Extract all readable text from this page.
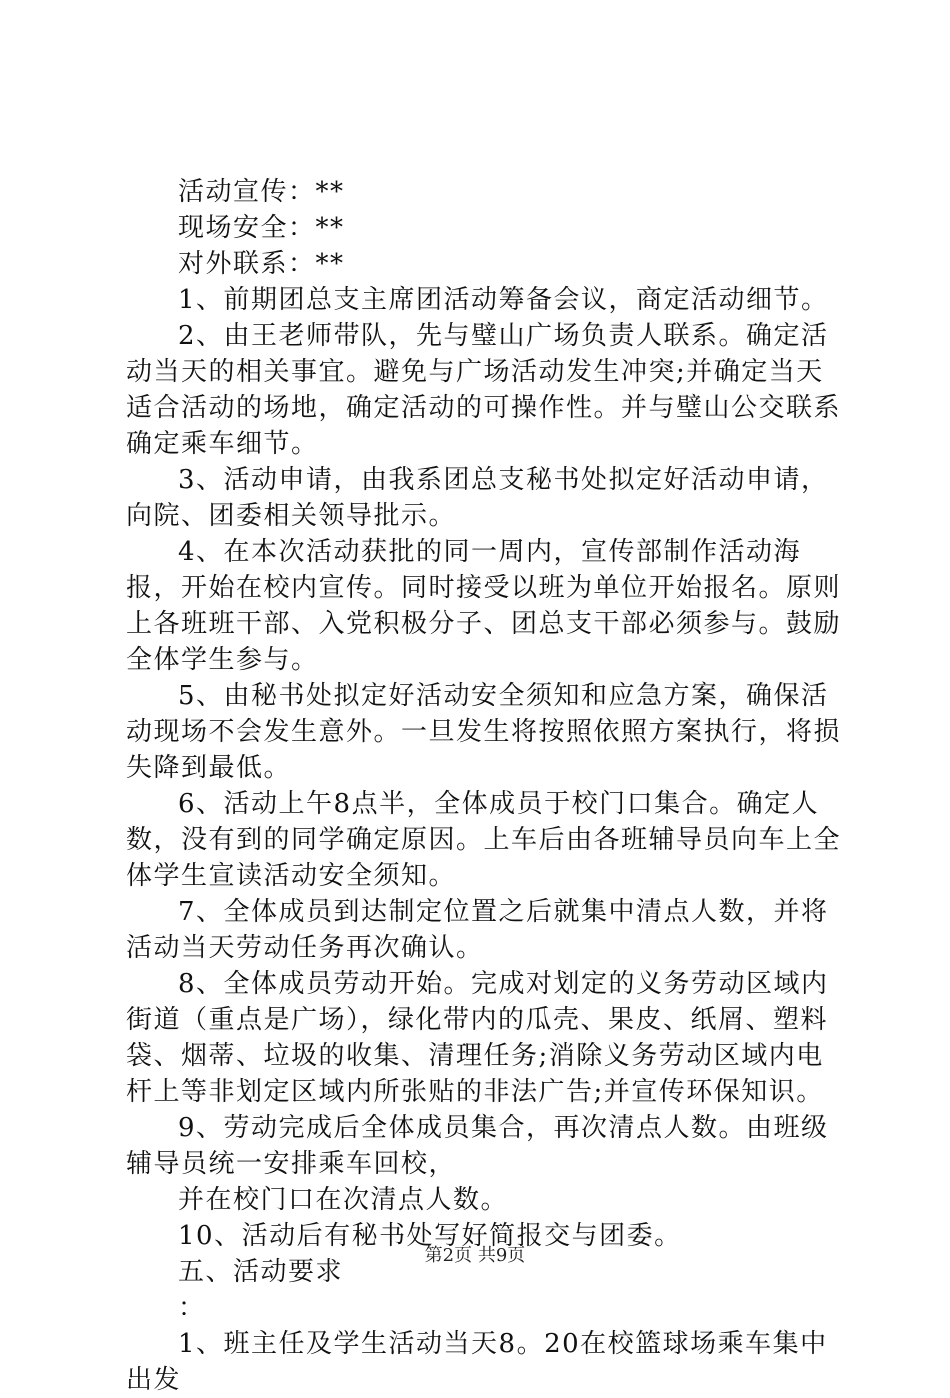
活动宣传：**

现场安全：**

对外联系：**

1、前期团总支主席团活动筹备会议，商定活动细节。

2、由王老师带队，先与璧山广场负责人联系。确定活动当天的相关事宜。避免与广场活动发生冲突;并确定当天适合活动的场地，确定活动的可操作性。并与璧山公交联系确定乘车细节。

3、活动申请，由我系团总支秘书处拟定好活动申请，向院、团委相关领导批示。

4、在本次活动获批的同一周内，宣传部制作活动海报，开始在校内宣传。同时接受以班为单位开始报名。原则上各班班干部、入党积极分子、团总支干部必须参与。鼓励全体学生参与。

5、由秘书处拟定好活动安全须知和应急方案，确保活动现场不会发生意外。一旦发生将按照依照方案执行，将损失降到最低。

6、活动上午8点半，全体成员于校门口集合。确定人数，没有到的同学确定原因。上车后由各班辅导员向车上全体学生宣读活动安全须知。

7、全体成员到达制定位置之后就集中清点人数，并将活动当天劳动任务再次确认。

8、全体成员劳动开始。完成对划定的义务劳动区域内街道（重点是广场），绿化带内的瓜壳、果皮、纸屑、塑料袋、烟蒂、垃圾的收集、清理任务;消除义务劳动区域内电杆上等非划定区域内所张贴的非法广告;并宣传环保知识。

9、劳动完成后全体成员集合，再次清点人数。由班级辅导员统一安排乘车回校，

并在校门口在次清点人数。

10、活动后有秘书处写好简报交与团委。

五、活动要求

：

1、班主任及学生活动当天8。20在校篮球场乘车集中出发

第2页 共9页
